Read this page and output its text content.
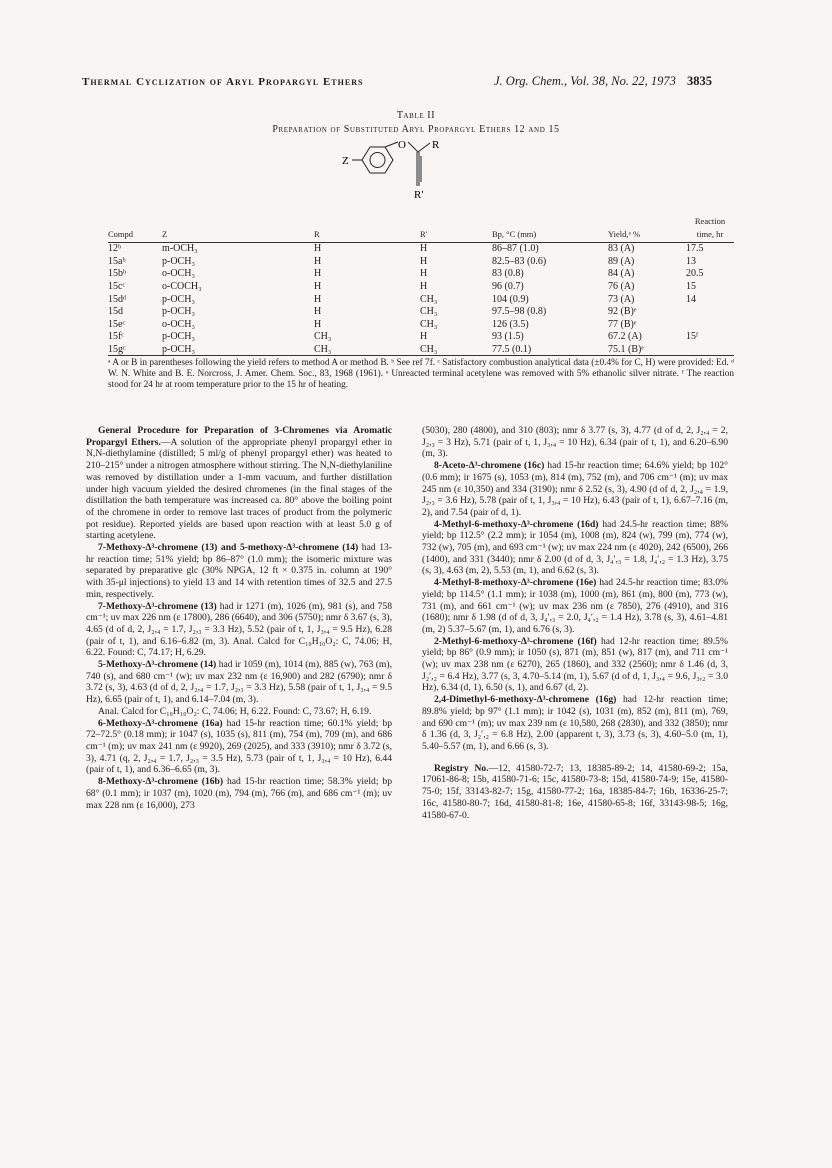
Thermal Cyclization of Aryl Propargyl Ethers	J. Org. Chem., Vol. 38, No. 22, 1973 3835
Table II
Preparation of Substituted Aryl Propargyl Ethers 12 and 15
Z
O R
R′
Compd	Z	R	R′	Bp, °C (mm)	Yield,ᵃ %	Reaction time, hr
12ᵇ	m-OCH₃	H	H	86–87 (1.0)	83 (A)	17.5
15aᵇ	p-OCH₃	H	H	82.5–83 (0.6)	89 (A)	13
15bᵇ	o-OCH₃	H	H	83 (0.8)	84 (A)	20.5
15cᶜ	o-COCH₃	H	H	96 (0.7)	76 (A)	15
15dᵈ	p-OCH₃	H	CH₃	104 (0.9)	73 (A)	14
15d	p-OCH₃	H	CH₃	97.5–98 (0.8)	92 (B)ᵉ	
15eᶜ	o-OCH₃	H	CH₃	126 (3.5)	77 (B)ᵉ	
15fᶜ	p-OCH₃	CH₃	H	93 (1.5)	67.2 (A)	15ᶠ
15gᶜ	p-OCH₃	CH₃	CH₃	77.5 (0.1)	75.1 (B)ᵉ	
ᵃ A or B in parentheses following the yield refers to method A or method B. ᵇ See ref 7f. ᶜ Satisfactory combustion analytical data (±0.4% for C, H) were provided: Ed. ᵈ W. N. White and B. E. Norcross, J. Amer. Chem. Soc., 83, 1968 (1961). ᵉ Unreacted terminal acetylene was removed with 5% ethanolic silver nitrate. ᶠ The reaction stood for 24 hr at room temperature prior to the 15 hr of heating.

General Procedure for Preparation of 3-Chromenes via Aromatic Propargyl Ethers.—A solution of the appropriate phenyl propargyl ether in N,N-diethylamine (distilled; 5 ml/g of phenyl propargyl ether) was heated to 210–215° under a nitrogen atmosphere without stirring. The N,N-diethylaniline was removed by distillation under a 1-mm vacuum, and further distillation under high vacuum yielded the desired chromenes (in the final stages of the distillation the bath temperature was increased ca. 80° above the boiling point of the chromene in order to remove last traces of product from the polymeric pot residue). Reported yields are based upon reaction with at least 5.0 g of starting acetylene.

7-Methoxy-Δ³-chromene (13) and 5-methoxy-Δ³-chromene (14) had 13-hr reaction time; 51% yield; bp 86–87° (1.0 mm); the isomeric mixture was separated by preparative glc (30% NPGA, 12 ft × 0.375 in. column at 190° with 35-μl injections) to yield 13 and 14 with retention times of 32.5 and 27.5 min, respectively.

7-Methoxy-Δ³-chromene (13) had ir 1271 (m), 1026 (m), 981 (s), and 758 cm⁻¹; uv max 226 nm (ε 17800), 286 (6640), and 306 (5750); nmr δ 3.67 (s, 3), 4.65 (d of d, 2, J₂,₄ = 1.7, J₂,₃ = 3.3 Hz), 5.52 (pair of t, 1, J₃,₄ = 9.5 Hz), 6.28 (pair of t, 1), and 6.16–6.82 (m, 3). Anal. Calcd for C₁₀H₁₀O₂: C, 74.06; H, 6.22. Found: C, 74.17; H, 6.29.

5-Methoxy-Δ³-chromene (14) had ir 1059 (m), 1014 (m), 885 (w), 763 (m), 740 (s), and 680 cm⁻¹ (w); uv max 232 nm (ε 16,900) and 282 (6790); nmr δ 3.72 (s, 3), 4.63 (d of d, 2, J₂,₄ = 1.7, J₂,₃ = 3.3 Hz), 5.58 (pair of t, 1, J₃,₄ = 9.5 Hz), 6.65 (pair of t, 1), and 6.14–7.04 (m, 3).

Anal. Calcd for C₁₀H₁₀O₂: C, 74.06; H, 6.22. Found: C, 73.67; H, 6.19.

6-Methoxy-Δ³-chromene (16a) had 15-hr reaction time; 60.1% yield; bp 72–72.5° (0.18 mm); ir 1047 (s), 1035 (s), 811 (m), 754 (m), 709 (m), and 686 cm⁻¹ (m); uv max 241 nm (ε 9920), 269 (2025), and 333 (3910); nmr δ 3.72 (s, 3), 4.71 (q, 2, J₂,₄ = 1.7, J₂,₃ = 3.5 Hz), 5.73 (pair of t, 1, J₃,₄ = 10 Hz), 6.44 (pair of t, 1), and 6.36–6.65 (m, 3).

8-Methoxy-Δ³-chromene (16b) had 15-hr reaction time; 58.3% yield; bp 68° (0.1 mm); ir 1037 (m), 1020 (m), 794 (m), 766 (m), and 686 cm⁻¹ (m); uv max 228 nm (ε 16,000), 273

(5030), 280 (4800), and 310 (803); nmr δ 3.77 (s, 3), 4.77 (d of d, 2, J₂,₄ = 2, J₂,₃ = 3 Hz), 5.71 (pair of t, 1, J₃,₄ = 10 Hz), 6.34 (pair of t, 1), and 6.20–6.90 (m, 3).

8-Aceto-Δ³-chromene (16c) had 15-hr reaction time; 64.6% yield; bp 102° (0.6 mm); ir 1675 (s), 1053 (m), 814 (m), 752 (m), and 706 cm⁻¹ (m); uv max 245 nm (ε 10,350) and 334 (3190); nmr δ 2.52 (s, 3), 4.90 (d of d, 2, J₂,₄ = 1.9, J₂,₃ = 3.6 Hz), 5.78 (pair of t, 1, J₃,₄ = 10 Hz), 6.43 (pair of t, 1), 6.67–7.16 (m, 2), and 7.54 (pair of d, 1).

4-Methyl-6-methoxy-Δ³-chromene (16d) had 24.5-hr reaction time; 88% yield; bp 112.5° (2.2 mm); ir 1054 (m), 1008 (m), 824 (w), 799 (m), 774 (w), 732 (w), 705 (m), and 693 cm⁻¹ (w); uv max 224 nm (ε 4020), 242 (6500), 266 (1400), and 331 (3440); nmr δ 2.00 (d of d, 3, J₄′,₃ = 1.8, J₄′,₂ = 1.3 Hz), 3.75 (s, 3), 4.63 (m, 2), 5.53 (m, 1), and 6.62 (s, 3).

4-Methyl-8-methoxy-Δ³-chromene (16e) had 24.5-hr reaction time; 83.0% yield; bp 114.5° (1.1 mm); ir 1038 (m), 1000 (m), 861 (m), 800 (m), 773 (w), 731 (m), and 661 cm⁻¹ (w); uv max 236 nm (ε 7850), 276 (4910), and 316 (1680); nmr δ 1.98 (d of d, 3, J₄′,₃ = 2.0, J₄′,₂ = 1.4 Hz), 3.78 (s, 3), 4.61–4.81 (m, 2) 5.37–5.67 (m, 1), and 6.76 (s, 3).

2-Methyl-6-methoxy-Δ³-chromene (16f) had 12-hr reaction time; 89.5% yield; bp 86° (0.9 mm); ir 1050 (s), 871 (m), 851 (w), 817 (m), and 711 cm⁻¹ (w); uv max 238 nm (ε 6270), 265 (1860), and 332 (2560); nmr δ 1.46 (d, 3, J₂′,₂ = 6.4 Hz), 3.77 (s, 3, 4.70–5.14 (m, 1), 5.67 (d of d, 1, J₃,₄ = 9.6, J₃,₂ = 3.0 Hz), 6.34 (d, 1), 6.50 (s, 1), and 6.67 (d, 2).

2,4-Dimethyl-6-methoxy-Δ³-chromene (16g) had 12-hr reaction time; 89.8% yield; bp 97° (1.1 mm); ir 1042 (s), 1031 (m), 852 (m), 811 (m), 769, and 690 cm⁻¹ (m); uv max 239 nm (ε 10,580, 268 (2830), and 332 (3850); nmr δ 1.36 (d, 3, J₂′,₂ = 6.8 Hz), 2.00 (apparent t, 3), 3.73 (s, 3), 4.60–5.0 (m, 1), 5.40–5.57 (m, 1), and 6.66 (s, 3).

Registry No.—12, 41580-72-7; 13, 18385-89-2; 14, 41580-69-2; 15a, 17061-86-8; 15b, 41580-71-6; 15c, 41580-73-8; 15d, 41580-74-9; 15e, 41580-75-0; 15f, 33143-82-7; 15g, 41580-77-2; 16a, 18385-84-7; 16b, 16336-25-7; 16c, 41580-80-7; 16d, 41580-81-8; 16e, 41580-65-8; 16f, 33143-98-5; 16g, 41580-67-0.
